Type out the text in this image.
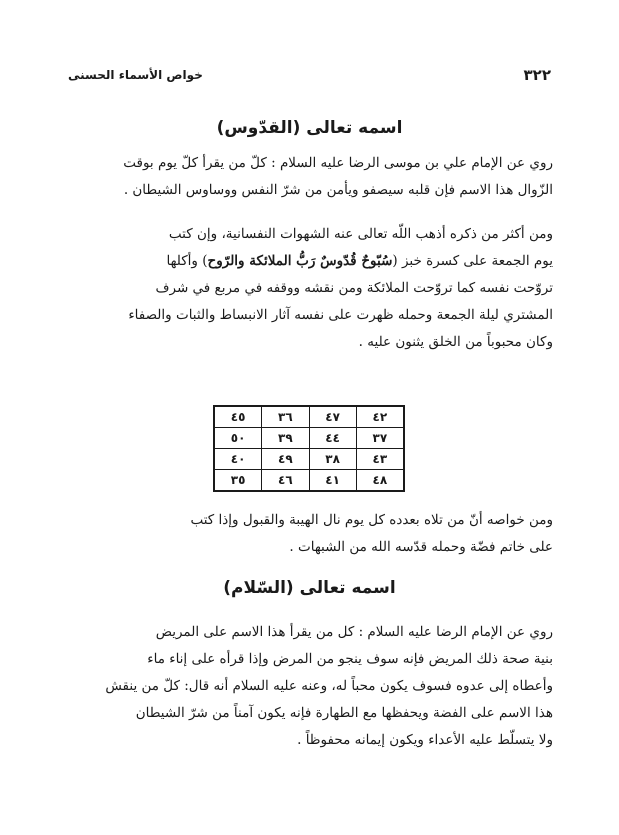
٣٢٢
خواص الأسماء الحسنى
اسمه تعالى (القدّوس)
روي عن الإمام علي بن موسى الرضا عليه السلام : كلّ من يقرأ كلّ يوم بوقت
الزّوال هذا الاسم فإن قلبه سيصفو ويأمن من شرّ النفس ووساوس الشيطان .
ومن أكثر من ذكره أذهب اللّه تعالى عنه الشهوات النفسانية، وإن كتب
يوم الجمعة على كسرة خبز (سُبّوحٌ قُدّوسٌ رَبُّ الملائكة والرّوح) وأكلها
تروّحت نفسه كما تروّحت الملائكة ومن نقشه ووقفه في مربع في شرف
المشتري ليلة الجمعة وحمله ظهرت على نفسه آثار الانبساط والثبات والصفاء
وكان محبوباً من الخلق يثنون عليه .
٤٢	٤٧	٣٦	٤٥
٣٧	٤٤	٣٩	٥٠
٤٣	٣٨	٤٩	٤٠
٤٨	٤١	٤٦	٣٥
ومن خواصه أنّ من تلاه بعدده كل يوم نال الهيبة والقبول وإذا كتب
على خاتم فضّة وحمله قدّسه الله من الشبهات .
اسمه تعالى (السّلام)
روي عن الإمام الرضا عليه السلام : كل من يقرأ هذا الاسم على المريض
بنية صحة ذلك المريض فإنه سوف ينجو من المرض وإذا قرأه على إناء ماء
وأعطاه إلى عدوه فسوف يكون محباً له، وعنه عليه السلام أنه قال: كلّ من ينقش
هذا الاسم على الفضة ويحفظها مع الطهارة فإنه يكون آمناً من شرّ الشيطان
ولا يتسلّط عليه الأعداء ويكون إيمانه محفوظاً .
